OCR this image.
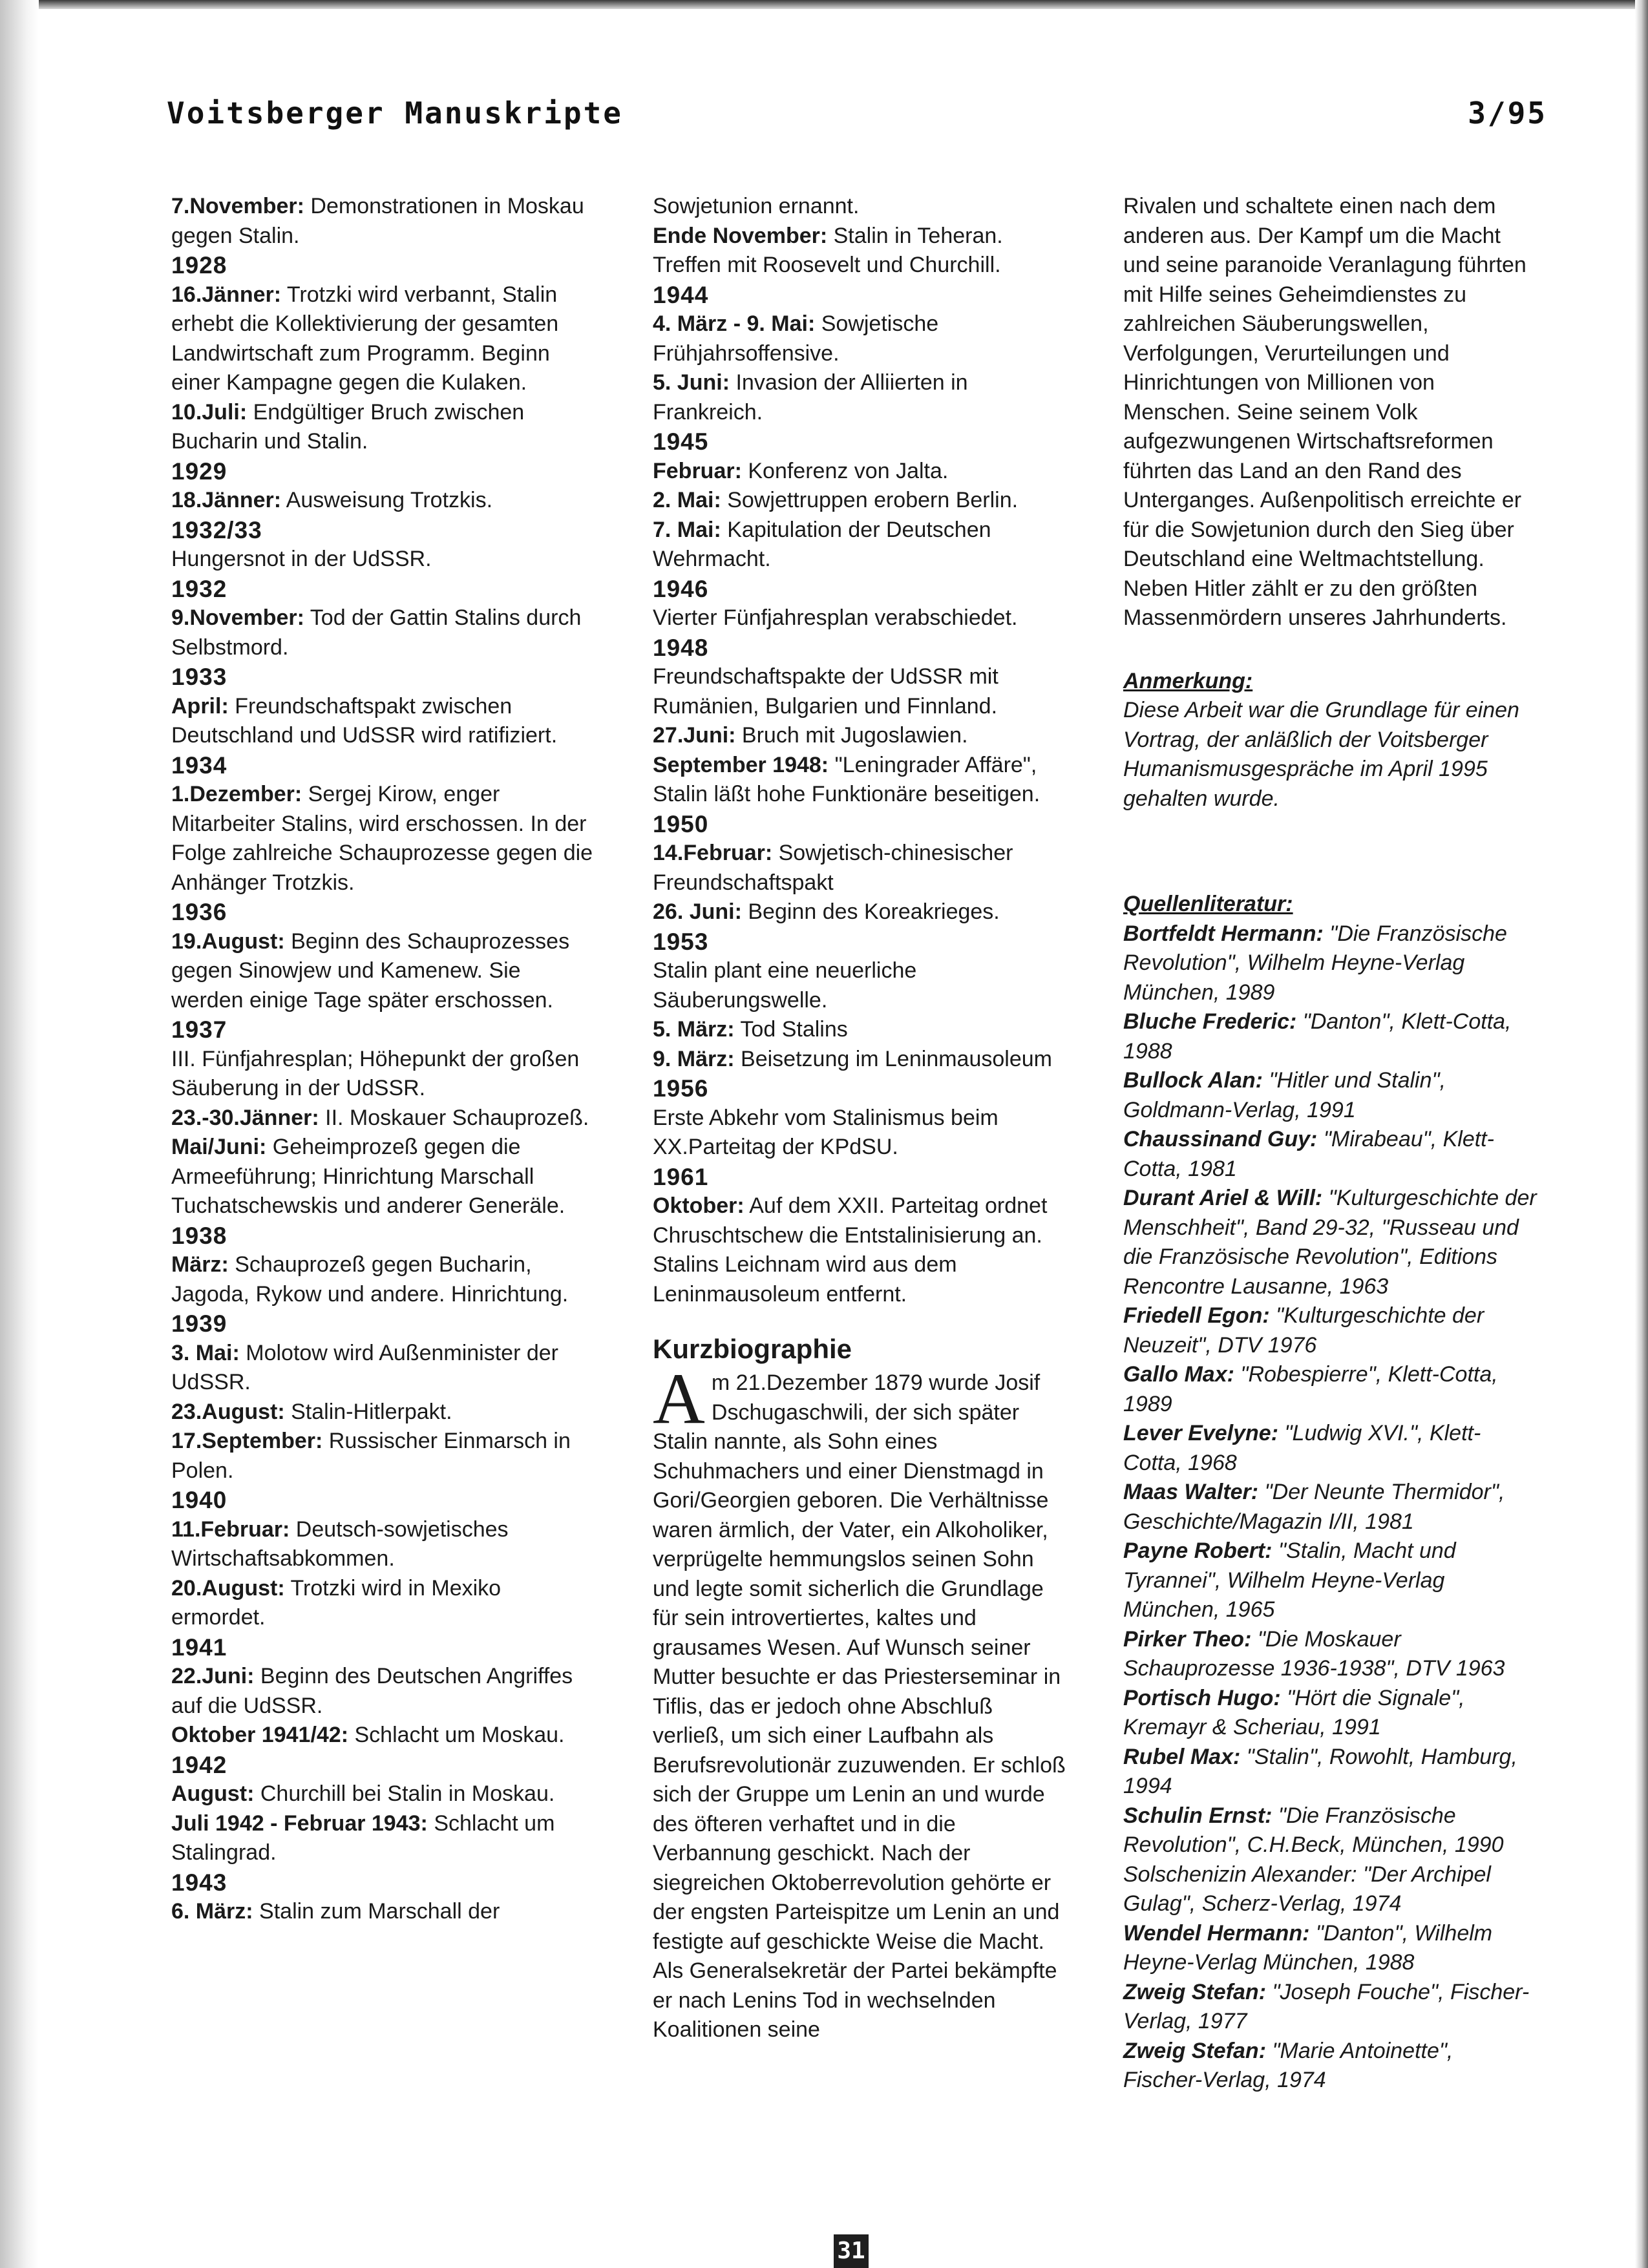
Voitsberger Manuskripte	3/95
7.November: Demonstrationen in Moskau gegen Stalin.
1928
16.Jänner: Trotzki wird verbannt, Stalin erhebt die Kollektivierung der gesamten Landwirtschaft zum Programm. Beginn einer Kampagne gegen die Kulaken.
10.Juli: Endgültiger Bruch zwischen Bucharin und Stalin.
1929
18.Jänner: Ausweisung Trotzkis.
1932/33
Hungersnot in der UdSSR.
1932
9.November: Tod der Gattin Stalins durch Selbstmord.
1933
April: Freundschaftspakt zwischen Deutschland und UdSSR wird ratifiziert.
1934
1.Dezember: Sergej Kirow, enger Mitarbeiter Stalins, wird erschossen. In der Folge zahlreiche Schauprozesse gegen die Anhänger Trotzkis.
1936
19.August: Beginn des Schauprozesses gegen Sinowjew und Kamenew. Sie werden einige Tage später erschossen.
1937
III. Fünfjahresplan; Höhepunkt der großen Säuberung in der UdSSR.
23.-30.Jänner: II. Moskauer Schauprozeß.
Mai/Juni: Geheimprozeß gegen die Armeeführung; Hinrichtung Marschall Tuchatschewskis und anderer Generäle.
1938
März: Schauprozeß gegen Bucharin, Jagoda, Rykow und andere. Hinrichtung.
1939
3. Mai: Molotow wird Außenminister der UdSSR.
23.August: Stalin-Hitlerpakt.
17.September: Russischer Einmarsch in Polen.
1940
11.Februar: Deutsch-sowjetisches Wirtschaftsabkommen.
20.August: Trotzki wird in Mexiko ermordet.
1941
22.Juni: Beginn des Deutschen Angriffes auf die UdSSR.
Oktober 1941/42: Schlacht um Moskau.
1942
August: Churchill bei Stalin in Moskau.
Juli 1942 - Februar 1943: Schlacht um Stalingrad.
1943
6. März: Stalin zum Marschall der
Sowjetunion ernannt.
Ende November: Stalin in Teheran. Treffen mit Roosevelt und Churchill.
1944
4. März - 9. Mai: Sowjetische Frühjahrsoffensive.
5. Juni: Invasion der Alliierten in Frankreich.
1945
Februar: Konferenz von Jalta.
2. Mai: Sowjettruppen erobern Berlin.
7. Mai: Kapitulation der Deutschen Wehrmacht.
1946
Vierter Fünfjahresplan verabschiedet.
1948
Freundschaftspakte der UdSSR mit Rumänien, Bulgarien und Finnland.
27.Juni: Bruch mit Jugoslawien.
September 1948: "Leningrader Affäre", Stalin läßt hohe Funktionäre beseitigen.
1950
14.Februar: Sowjetisch-chinesischer Freundschaftspakt
26. Juni: Beginn des Koreakrieges.
1953
Stalin plant eine neuerliche Säuberungswelle.
5. März: Tod Stalins
9. März: Beisetzung im Leninmausoleum
1956
Erste Abkehr vom Stalinismus beim XX.Parteitag der KPdSU.
1961
Oktober: Auf dem XXII. Parteitag ordnet Chruschtschew die Entstalinisierung an. Stalins Leichnam wird aus dem Leninmausoleum entfernt.
Kurzbiographie
Am 21.Dezember 1879 wurde Josif Dschugaschwili, der sich später Stalin nannte, als Sohn eines Schuhmachers und einer Dienstmagd in Gori/Georgien geboren. Die Verhältnisse waren ärmlich, der Vater, ein Alkoholiker, verprügelte hemmungslos seinen Sohn und legte somit sicherlich die Grundlage für sein introvertiertes, kaltes und grausames Wesen. Auf Wunsch seiner Mutter besuchte er das Priesterseminar in Tiflis, das er jedoch ohne Abschluß verließ, um sich einer Laufbahn als Berufsrevolutionär zuzuwenden. Er schloß sich der Gruppe um Lenin an und wurde des öfteren verhaftet und in die Verbannung geschickt. Nach der siegreichen Oktoberrevolution gehörte er der engsten Parteispitze um Lenin an und festigte auf geschickte Weise die Macht. Als Generalsekretär der Partei bekämpfte er nach Lenins Tod in wechselnden Koalitionen seine
Rivalen und schaltete einen nach dem anderen aus. Der Kampf um die Macht und seine paranoide Veranlagung führten mit Hilfe seines Geheimdienstes zu zahlreichen Säuberungswellen, Verfolgungen, Verurteilungen und Hinrichtungen von Millionen von Menschen. Seine seinem Volk aufgezwungenen Wirtschaftsreformen führten das Land an den Rand des Unterganges. Außenpolitisch erreichte er für die Sowjetunion durch den Sieg über Deutschland eine Weltmachtstellung. Neben Hitler zählt er zu den größten Massenmördern unseres Jahrhunderts.
Anmerkung:
Diese Arbeit war die Grundlage für einen Vortrag, der anläßlich der Voitsberger Humanismusgespräche im April 1995 gehalten wurde.
Quellenliteratur:
Bortfeldt Hermann: "Die Französische Revolution", Wilhelm Heyne-Verlag München, 1989
Bluche Frederic: "Danton", Klett-Cotta, 1988
Bullock Alan: "Hitler und Stalin", Goldmann-Verlag, 1991
Chaussinand Guy: "Mirabeau", Klett-Cotta, 1981
Durant Ariel & Will: "Kulturgeschichte der Menschheit", Band 29-32, "Russeau und die Französische Revolution", Editions Rencontre Lausanne, 1963
Friedell Egon: "Kulturgeschichte der Neuzeit", DTV 1976
Gallo Max: "Robespierre", Klett-Cotta, 1989
Lever Evelyne: "Ludwig XVI.", Klett-Cotta, 1968
Maas Walter: "Der Neunte Thermidor", Geschichte/Magazin I/II, 1981
Payne Robert: "Stalin, Macht und Tyrannei", Wilhelm Heyne-Verlag München, 1965
Pirker Theo: "Die Moskauer Schauprozesse 1936-1938", DTV 1963
Portisch Hugo: "Hört die Signale", Kremayr & Scheriau, 1991
Rubel Max: "Stalin", Rowohlt, Hamburg, 1994
Schulin Ernst: "Die Französische Revolution", C.H.Beck, München, 1990
Solschenizin Alexander: "Der Archipel Gulag", Scherz-Verlag, 1974
Wendel Hermann: "Danton", Wilhelm Heyne-Verlag München, 1988
Zweig Stefan: "Joseph Fouche", Fischer-Verlag, 1977
Zweig Stefan: "Marie Antoinette", Fischer-Verlag, 1974
31
